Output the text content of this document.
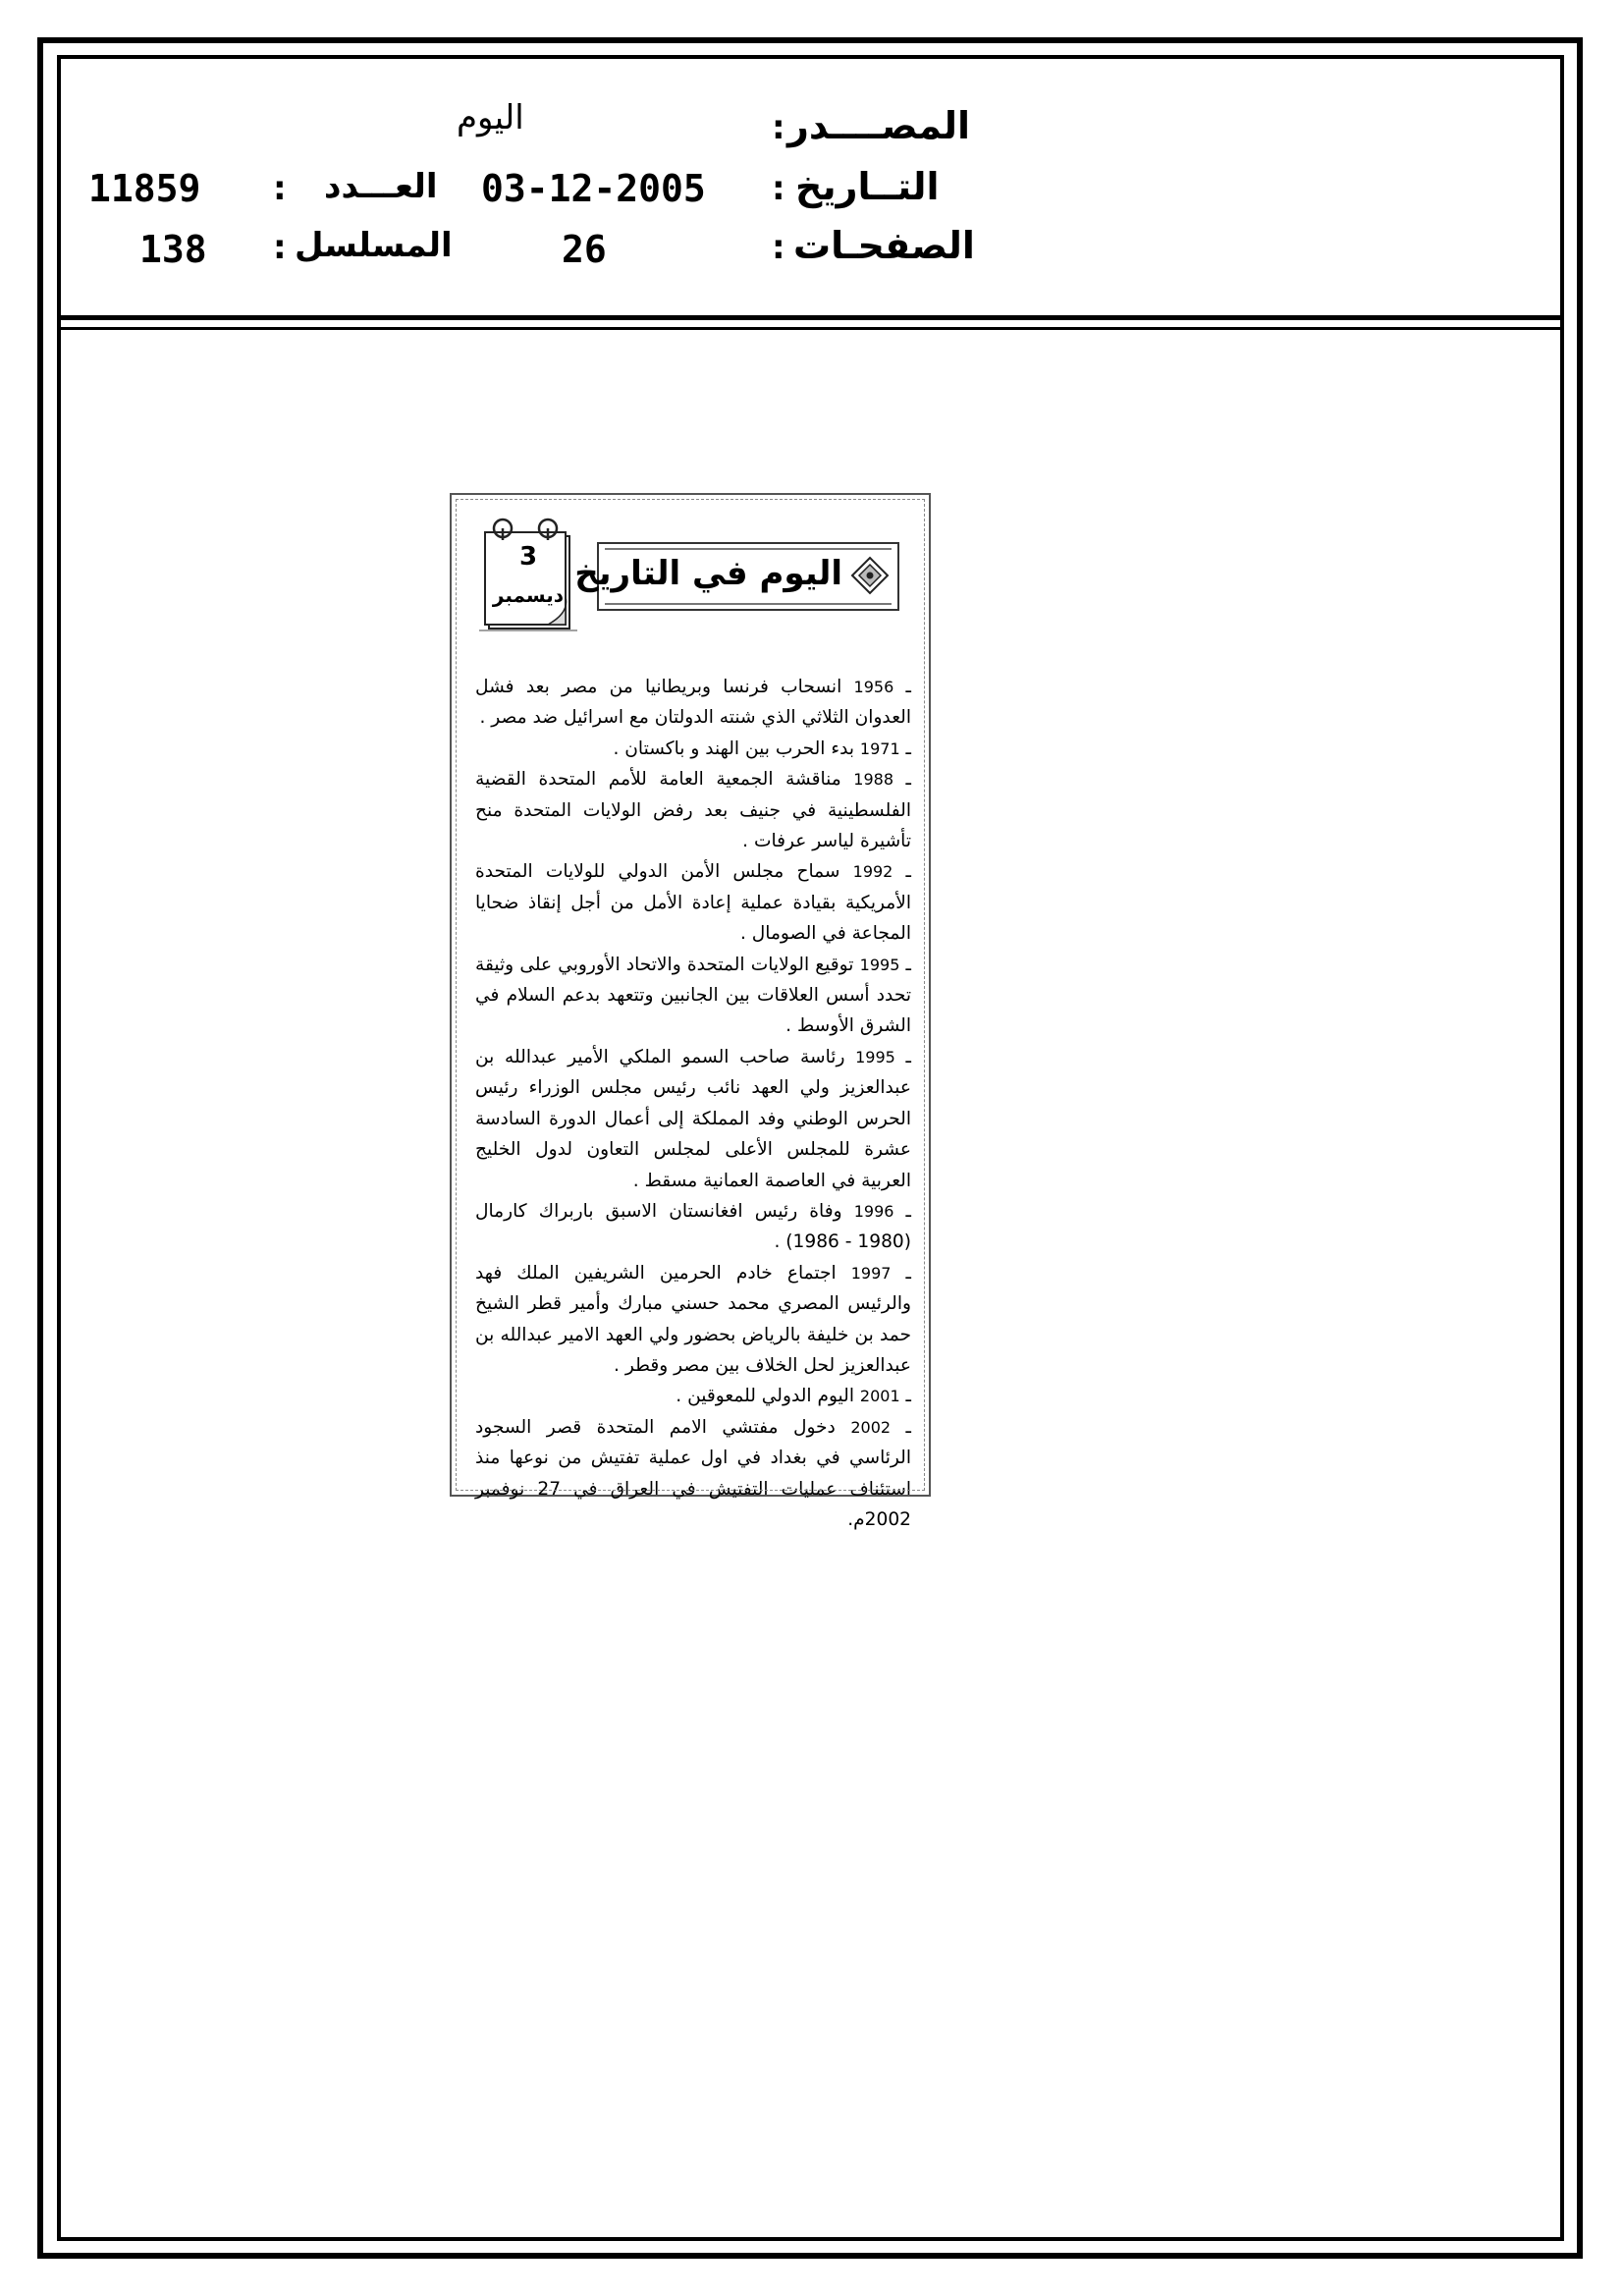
المصــــدر
:
اليوم
التــاريخ
:
03-12-2005
العـــدد
:
11859
الصفحـات
:
26
المسلسل
:
138
3
ديسمبر
اليوم في التاريخ

ـ 1956 انسحاب فرنسا وبريطانيا من مصر بعد فشل العدوان الثلاثي الذي شنته الدولتان مع اسرائيل ضد مصر .

ـ 1971 بدء الحرب بين الهند و باكستان .

ـ 1988 مناقشة الجمعية العامة للأمم المتحدة القضية الفلسطينية في جنيف بعد رفض الولايات المتحدة منح تأشيرة لياسر عرفات .

ـ 1992 سماح مجلس الأمن الدولي للولايات المتحدة الأمريكية بقيادة عملية إعادة الأمل من أجل إنقاذ ضحايا المجاعة في الصومال .

ـ 1995 توقيع الولايات المتحدة والاتحاد الأوروبي على وثيقة تحدد أسس العلاقات بين الجانبين وتتعهد بدعم السلام في الشرق الأوسط .

ـ 1995 رئاسة صاحب السمو الملكي الأمير عبدالله بن عبدالعزيز ولي العهد نائب رئيس مجلس الوزراء رئيس الحرس الوطني وفد المملكة إلى أعمال الدورة السادسة عشرة للمجلس الأعلى لمجلس التعاون لدول الخليج العربية في العاصمة العمانية مسقط .

ـ 1996 وفاة رئيس افغانستان الاسبق باربراك كارمال (1980 - 1986) .

ـ 1997 اجتماع خادم الحرمين الشريفين الملك فهد والرئيس المصري محمد حسني مبارك وأمير قطر الشيخ حمد بن خليفة بالرياض بحضور ولي العهد الامير عبدالله بن عبدالعزيز لحل الخلاف بين مصر وقطر .

ـ 2001 اليوم الدولي للمعوقين .

ـ 2002 دخول مفتشي الامم المتحدة قصر السجود الرئاسي في بغداد في اول عملية تفتيش من نوعها منذ استئناف عمليات التفتيش في العراق في 27 نوفمبر 2002م.
